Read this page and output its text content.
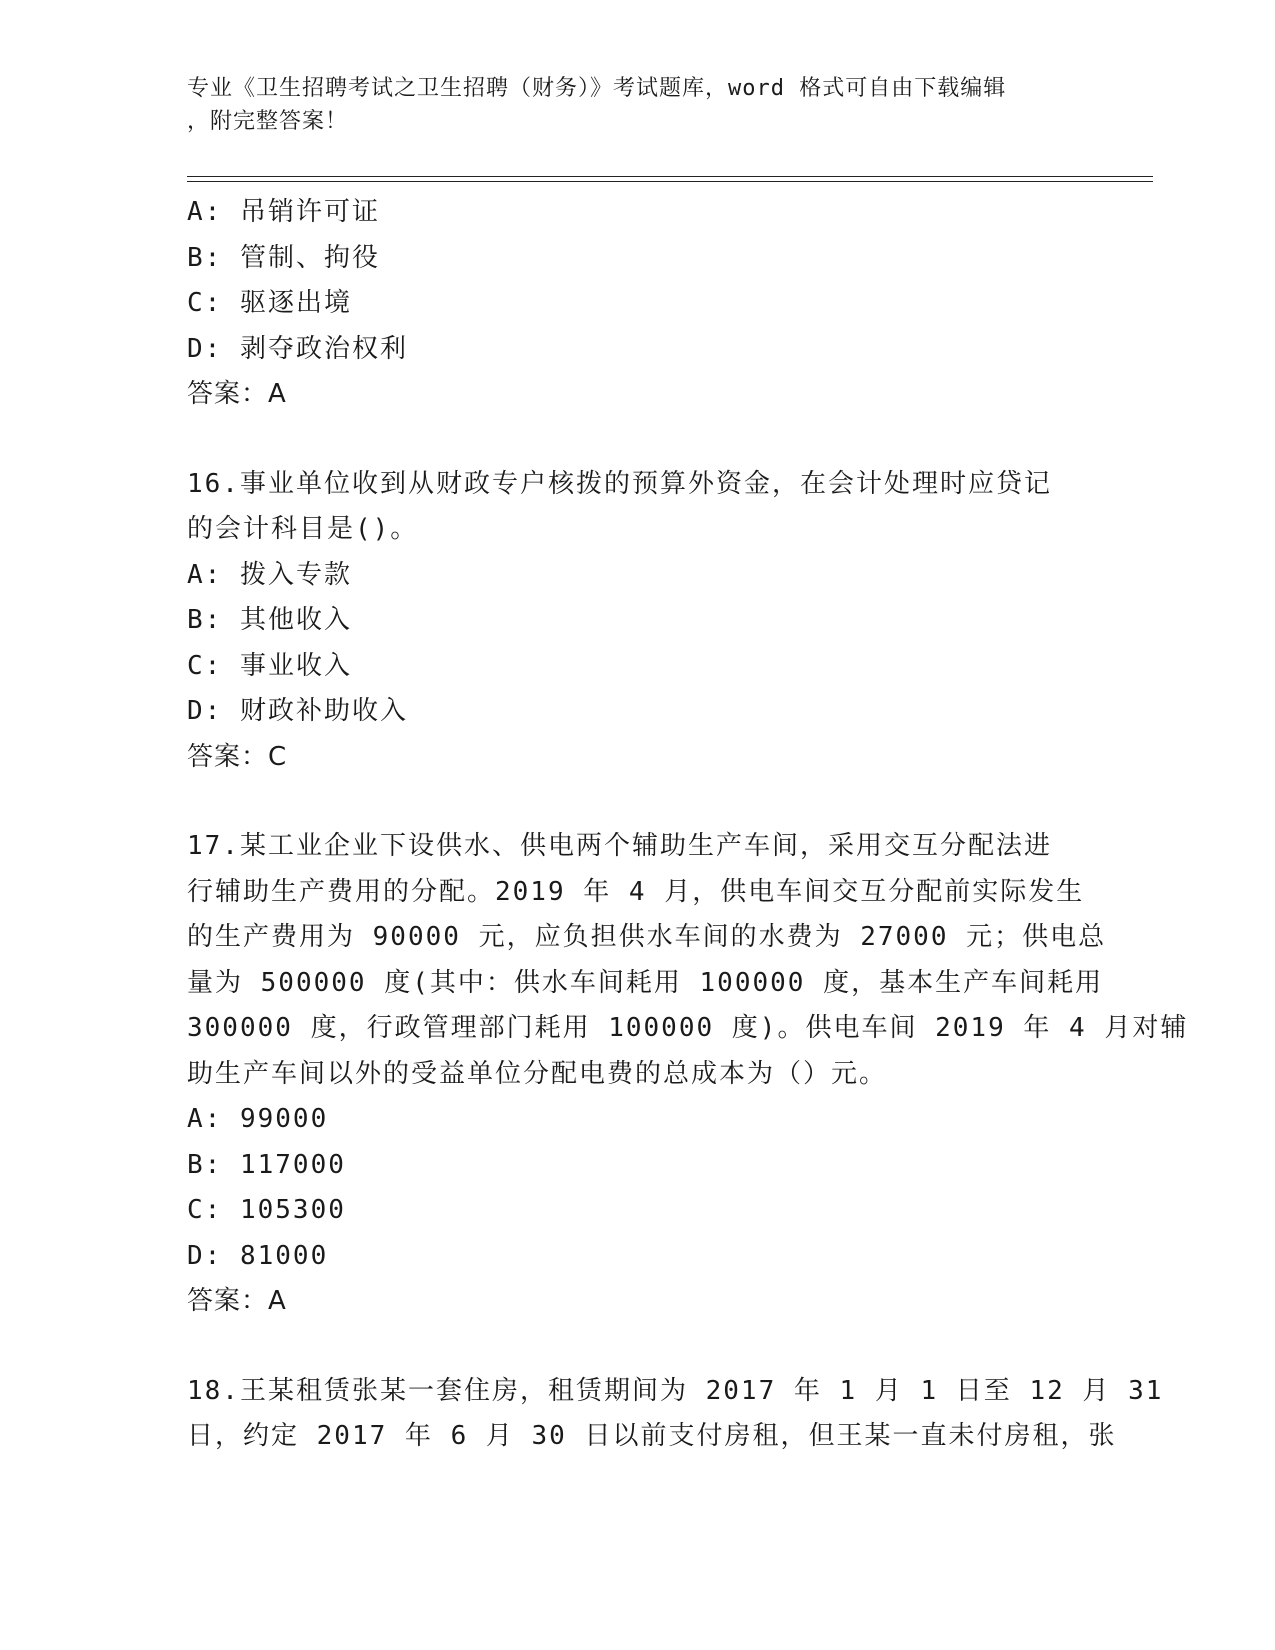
专业《卫生招聘考试之卫生招聘（财务）》考试题库，word 格式可自由下载编辑
，附完整答案！
A: 吊销许可证
B: 管制、拘役
C: 驱逐出境
D: 剥夺政治权利
答案：A
16.事业单位收到从财政专户核拨的预算外资金，在会计处理时应贷记
的会计科目是()。
A: 拨入专款
B: 其他收入
C: 事业收入
D: 财政补助收入
答案：C
17.某工业企业下设供水、供电两个辅助生产车间，采用交互分配法进
行辅助生产费用的分配。2019 年 4 月，供电车间交互分配前实际发生
的生产费用为 90000 元，应负担供水车间的水费为 27000 元；供电总
量为 500000 度(其中：供水车间耗用 100000 度，基本生产车间耗用
300000 度，行政管理部门耗用 100000 度)。供电车间 2019 年 4 月对辅
助生产车间以外的受益单位分配电费的总成本为（）元。
A: 99000
B: 117000
C: 105300
D: 81000
答案：A
18.王某租赁张某一套住房，租赁期间为 2017 年 1 月 1 日至 12 月 31
日，约定 2017 年 6 月 30 日以前支付房租，但王某一直未付房租，张
